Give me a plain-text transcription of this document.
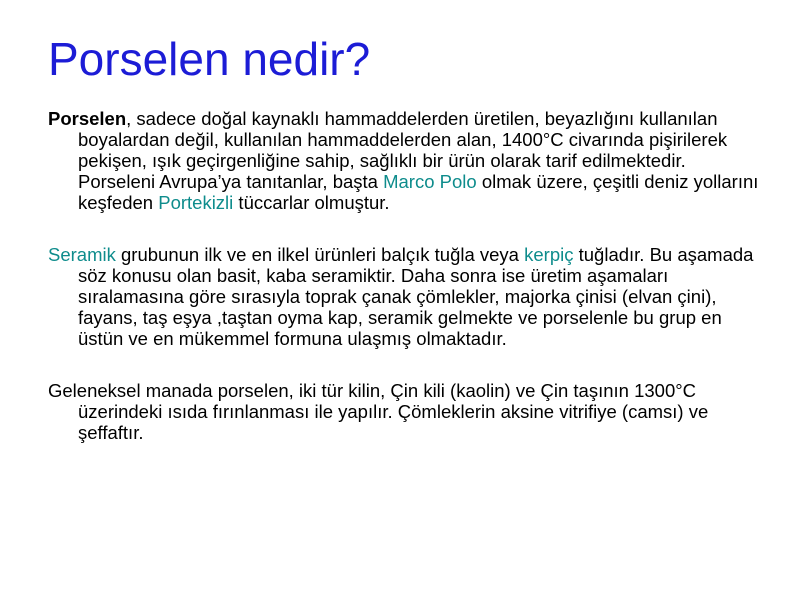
Porselen nedir?

Porselen, sadece doğal kaynaklı hammaddelerden üretilen, beyazlığını kullanılan boyalardan değil, kullanılan hammaddelerden alan, 1400°C civarında pişirilerek pekişen, ışık geçirgenliğine sahip, sağlıklı bir ürün olarak tarif edilmektedir. Porseleni Avrupa’ya tanıtanlar, başta Marco Polo olmak üzere, çeşitli deniz yollarını keşfeden Portekizli tüccarlar olmuştur.

Seramik grubunun ilk ve en ilkel ürünleri balçık tuğla veya kerpiç tuğladır. Bu aşamada söz konusu olan basit, kaba seramiktir. Daha sonra ise üretim aşamaları sıralamasına göre sırasıyla toprak çanak çömlekler, majorka çinisi (elvan çini), fayans, taş eşya ,taştan oyma kap, seramik gelmekte ve porselenle bu grup en üstün ve en mükemmel formuna ulaşmış olmaktadır.

Geleneksel manada porselen, iki tür kilin, Çin kili (kaolin) ve Çin taşının 1300°C üzerindeki ısıda fırınlanması ile yapılır. Çömleklerin aksine vitrifiye (camsı) ve şeffaftır.
